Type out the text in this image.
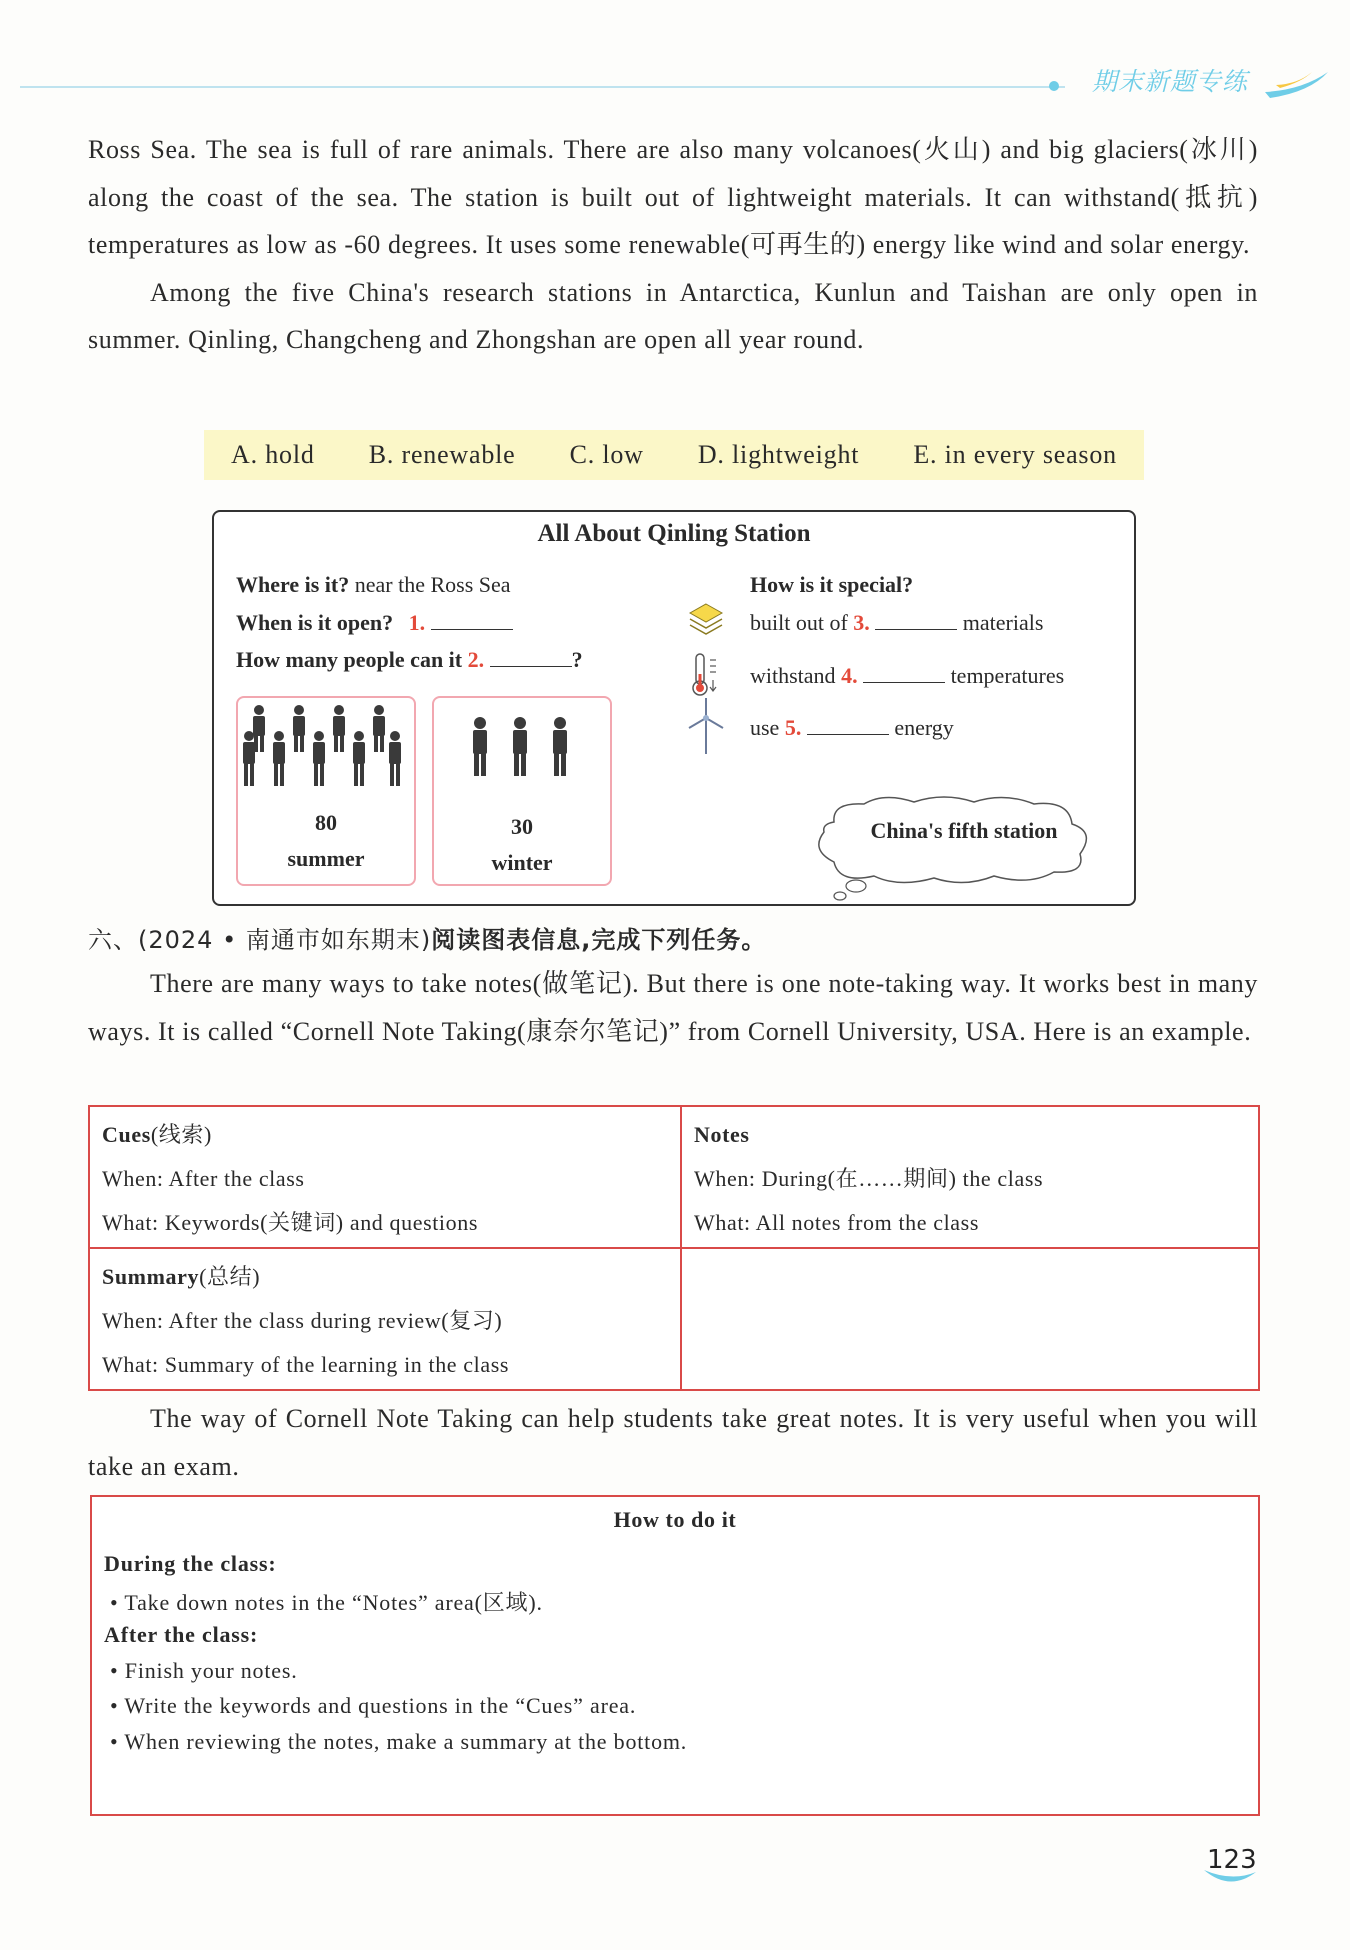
期末新题专练

Ross Sea. The sea is full of rare animals. There are also many volcanoes(火山) and big glaciers(冰川) along the coast of the sea. The station is built out of lightweight materials. It can withstand(抵抗) temperatures as low as -60 degrees. It uses some renewable(可再生的) energy like wind and solar energy.

Among the five China's research stations in Antarctica, Kunlun and Taishan are only open in summer. Qinling, Changcheng and Zhongshan are open all year round.

A. hold B. renewable C. low D. lightweight E. in every season
All About Qinling Station
Where is it? near the Ross Sea
When is it open? 1.
How many people can it 2.	?
80
summer
30
winter
How is it special?
built out of 3.	materials
withstand 4.	temperatures
use 5.	energy
China's fifth station
六、(2024 • 南通市如东期末)阅读图表信息,完成下列任务。

There are many ways to take notes(做笔记). But there is one note-taking way. It works best in many ways. It is called “Cornell Note Taking(康奈尔笔记)” from Cornell University, USA. Here is an example.

Cues(线索)
When: After the class
What: Keywords(关键词) and questions
Notes
When: During(在……期间) the class
What: All notes from the class
Summary(总结)
When: After the class during review(复习)
What: Summary of the learning in the class

The way of Cornell Note Taking can help students take great notes. It is very useful when you will take an exam.

How to do it
During the class:
• Take down notes in the “Notes” area(区域).
After the class:
• Finish your notes.
• Write the keywords and questions in the “Cues” area.
• When reviewing the notes, make a summary at the bottom.
123
